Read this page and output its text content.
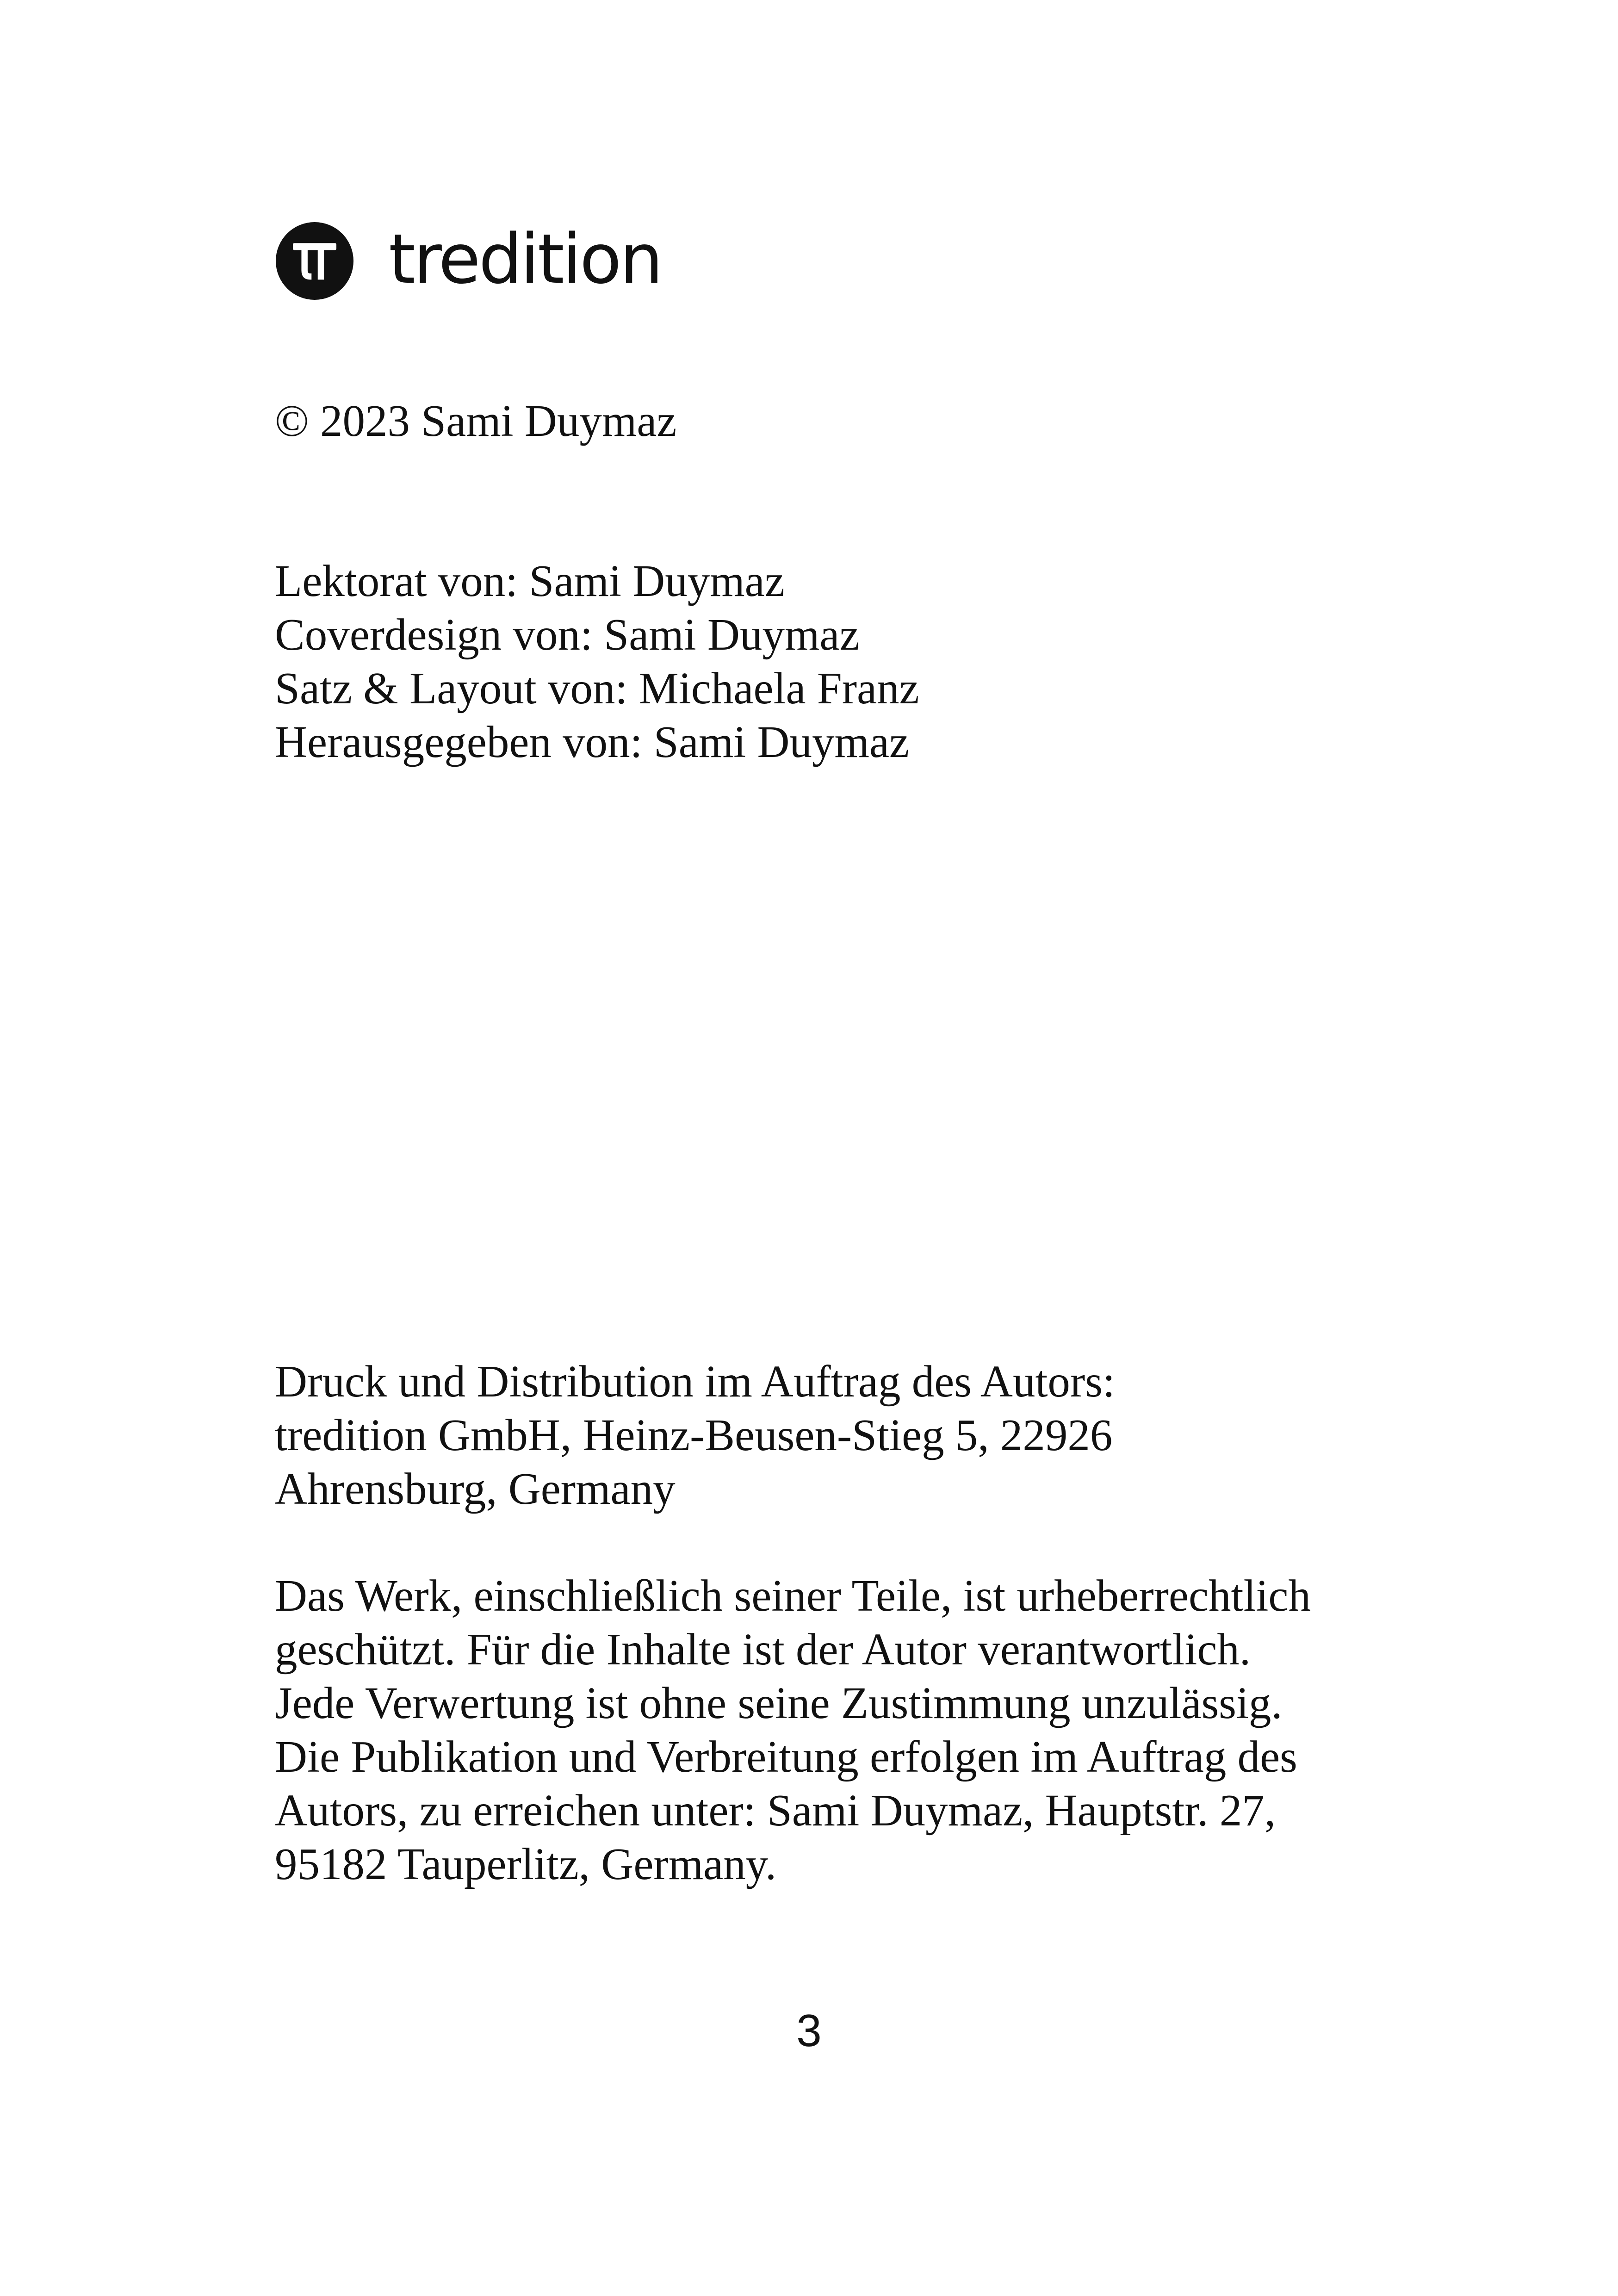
tredition
© 2023 Sami Duymaz
Lektorat von: Sami Duymaz
Coverdesign von: Sami Duymaz
Satz & Layout von: Michaela Franz
Herausgegeben von: Sami Duymaz
Druck und Distribution im Auftrag des Autors:
tredition GmbH, Heinz-Beusen-Stieg 5, 22926
Ahrensburg, Germany
Das Werk, einschließlich seiner Teile, ist urheberrechtlich
geschützt. Für die Inhalte ist der Autor verantwortlich.
Jede Verwertung ist ohne seine Zustimmung unzulässig.
Die Publikation und Verbreitung erfolgen im Auftrag des
Autors, zu erreichen unter: Sami Duymaz, Hauptstr. 27,
95182 Tauperlitz, Germany.
3
